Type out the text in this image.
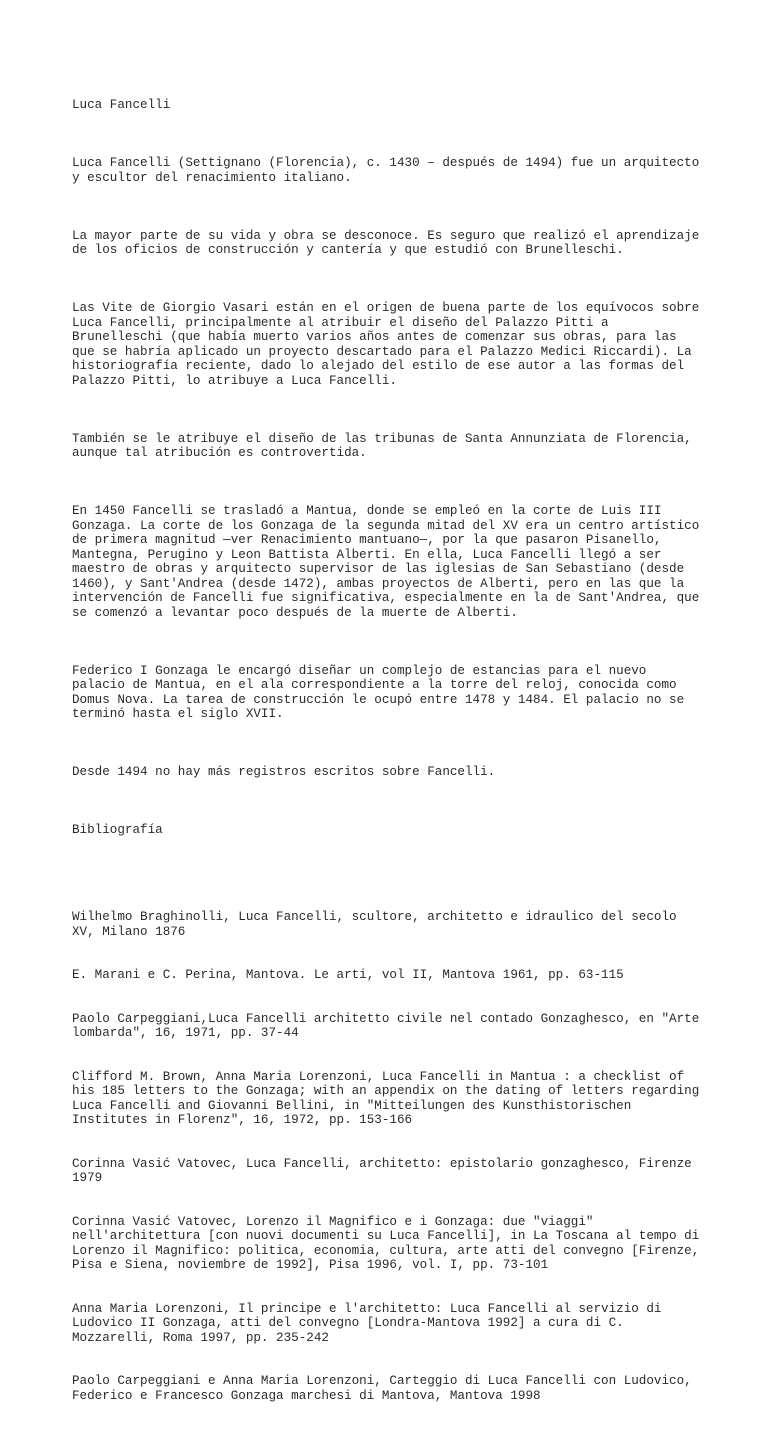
Luca Fancelli

Luca Fancelli (Settignano (Florencia), c. 1430 – después de 1494) fue un arquitecto
y escultor del renacimiento italiano.

La mayor parte de su vida y obra se desconoce. Es seguro que realizó el aprendizaje
de los oficios de construcción y cantería y que estudió con Brunelleschi.

Las Vite de Giorgio Vasari están en el origen de buena parte de los equívocos sobre
Luca Fancelli, principalmente al atribuir el diseño del Palazzo Pitti a
Brunelleschi (que había muerto varios años antes de comenzar sus obras, para las
que se habría aplicado un proyecto descartado para el Palazzo Medici Riccardi). La
historiografía reciente, dado lo alejado del estilo de ese autor a las formas del
Palazzo Pitti, lo atribuye a Luca Fancelli.

También se le atribuye el diseño de las tribunas de Santa Annunziata de Florencia,
aunque tal atribución es controvertida.

En 1450 Fancelli se trasladó a Mantua, donde se empleó en la corte de Luis III
Gonzaga. La corte de los Gonzaga de la segunda mitad del XV era un centro artístico
de primera magnitud —ver Renacimiento mantuano—, por la que pasaron Pisanello,
Mantegna, Perugino y Leon Battista Alberti. En ella, Luca Fancelli llegó a ser
maestro de obras y arquitecto supervisor de las iglesias de San Sebastiano (desde
1460), y Sant'Andrea (desde 1472), ambas proyectos de Alberti, pero en las que la
intervención de Fancelli fue significativa, especialmente en la de Sant'Andrea, que
se comenzó a levantar poco después de la muerte de Alberti.

Federico I Gonzaga le encargó diseñar un complejo de estancias para el nuevo
palacio de Mantua, en el ala correspondiente a la torre del reloj, conocida como
Domus Nova. La tarea de construcción le ocupó entre 1478 y 1484. El palacio no se
terminó hasta el siglo XVII.

Desde 1494 no hay más registros escritos sobre Fancelli.

Bibliografía

Wilhelmo Braghinolli, Luca Fancelli, scultore, architetto e idraulico del secolo
XV, Milano 1876

E. Marani e C. Perina, Mantova. Le arti, vol II, Mantova 1961, pp. 63-115

Paolo Carpeggiani,Luca Fancelli architetto civile nel contado Gonzaghesco, en "Arte
lombarda", 16, 1971, pp. 37-44

Clifford M. Brown, Anna Maria Lorenzoni, Luca Fancelli in Mantua : a checklist of
his 185 letters to the Gonzaga; with an appendix on the dating of letters regarding
Luca Fancelli and Giovanni Bellini, in "Mitteilungen des Kunsthistorischen
Institutes in Florenz", 16, 1972, pp. 153-166

Corinna Vasić Vatovec, Luca Fancelli, architetto: epistolario gonzaghesco, Firenze
1979

Corinna Vasić Vatovec, Lorenzo il Magnifico e i Gonzaga: due "viaggi"
nell'architettura [con nuovi documenti su Luca Fancelli], in La Toscana al tempo di
Lorenzo il Magnifico: politica, economia, cultura, arte atti del convegno [Firenze,
Pisa e Siena, noviembre de 1992], Pisa 1996, vol. I, pp. 73-101

Anna Maria Lorenzoni, Il principe e l'architetto: Luca Fancelli al servizio di
Ludovico II Gonzaga, atti del convegno [Londra-Mantova 1992] a cura di C.
Mozzarelli, Roma 1997, pp. 235-242

Paolo Carpeggiani e Anna Maria Lorenzoni, Carteggio di Luca Fancelli con Ludovico,
Federico e Francesco Gonzaga marchesi di Mantova, Mantova 1998
